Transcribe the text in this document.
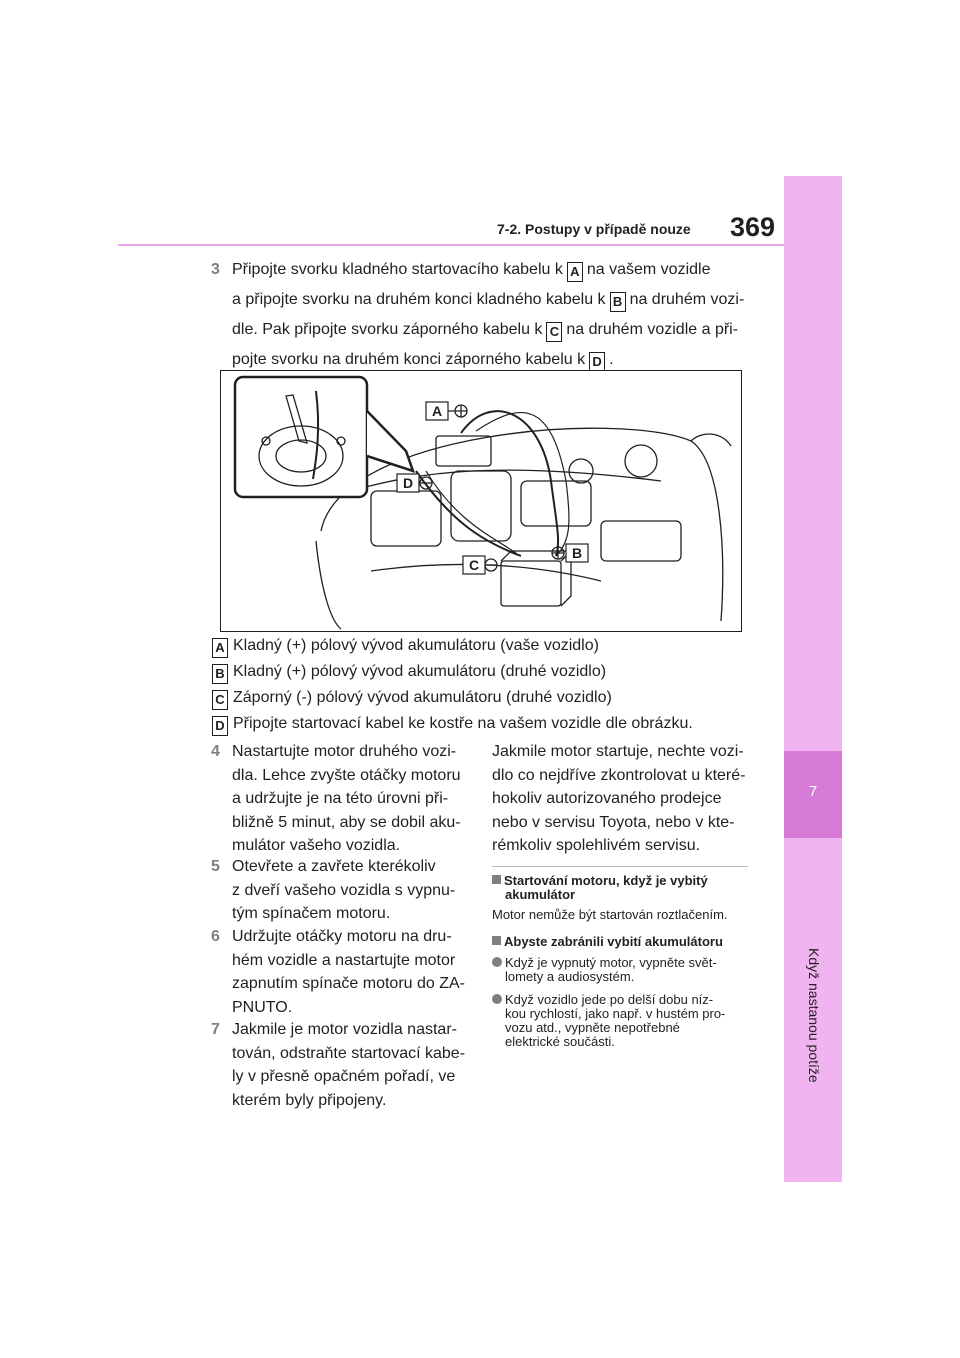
7-2. Postupy v případě nouze 369
7
Když nastanou potíže
3 Připojte svorku kladného startovacího kabelu k A na vašem vozidle
a připojte svorku na druhém konci kladného kabelu k B na druhém vozi-
dle. Pak připojte svorku záporného kabelu k C na druhém vozidle a při-
pojte svorku na druhém konci záporného kabelu k D .
A
D
B
C
A Kladný (+) pólový vývod akumulátoru (vaše vozidlo)
B Kladný (+) pólový vývod akumulátoru (druhé vozidlo)
C Záporný (-) pólový vývod akumulátoru (druhé vozidlo)
D Připojte startovací kabel ke kostře na vašem vozidle dle obrázku.
4 Nastartujte motor druhého vozi-
dla. Lehce zvyšte otáčky motoru
a udržujte je na této úrovni při-
bližně 5 minut, aby se dobil aku-
mulátor vašeho vozidla.
5 Otevřete a zavřete kterékoliv
z dveří vašeho vozidla s vypnu-
tým spínačem motoru.
6 Udržujte otáčky motoru na dru-
hém vozidle a nastartujte motor
zapnutím spínače motoru do ZA-
PNUTO.
7 Jakmile je motor vozidla nastar-
tován, odstraňte startovací kabe-
ly v přesně opačném pořadí, ve
kterém byly připojeny.
Jakmile motor startuje, nechte vozi-
dlo co nejdříve zkontrolovat u které-
hokoliv autorizovaného prodejce
nebo v servisu Toyota, nebo v kte-
rémkoliv spolehlivém servisu.
Startování motoru, když je vybitý
akumulátor
Motor nemůže být startován roztlačením.
Abyste zabránili vybití akumulátoru
Když je vypnutý motor, vypněte svět-
lomety a audiosystém.
Když vozidlo jede po delší dobu níz-
kou rychlostí, jako např. v hustém pro-
vozu atd., vypněte nepotřebné
elektrické součásti.
